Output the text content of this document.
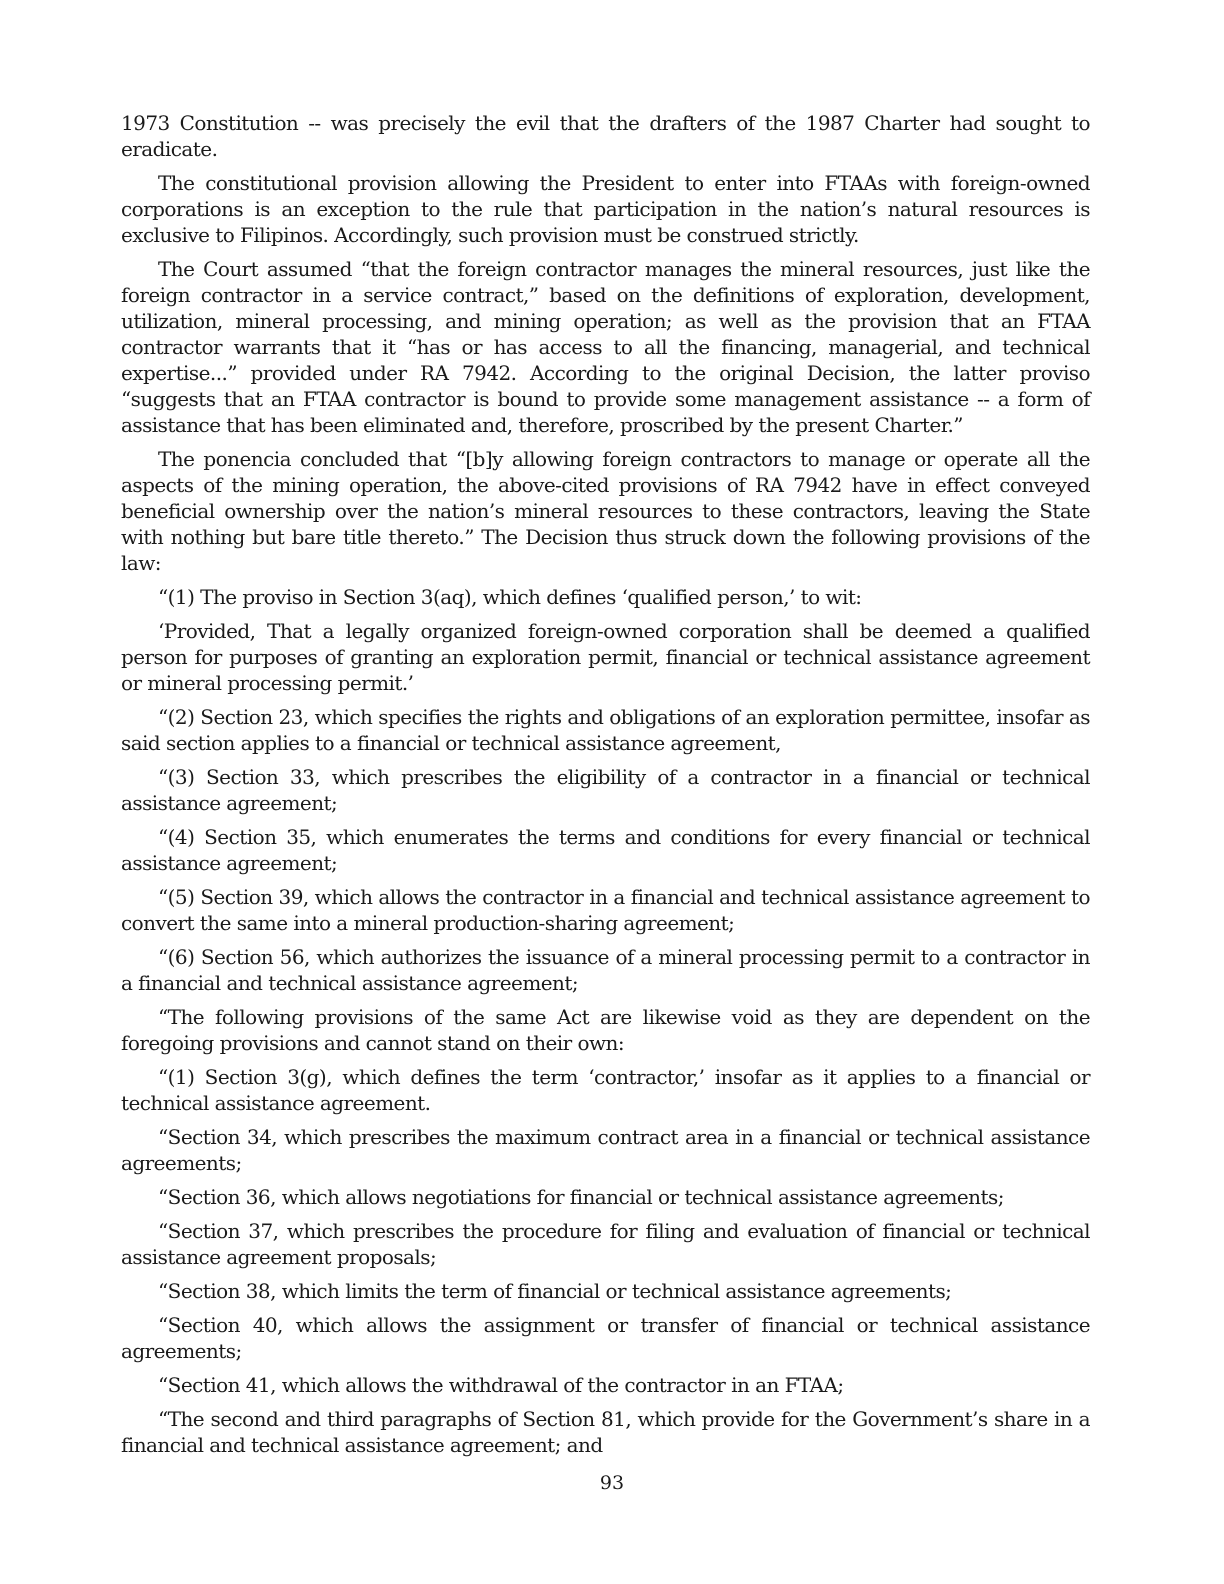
1973 Constitution -- was precisely the evil that the drafters of the 1987 Charter had sought to eradicate.

The constitutional provision allowing the President to enter into FTAAs with foreign-owned corporations is an exception to the rule that participation in the nation’s natural resources is exclusive to Filipinos. Accordingly, such provision must be construed strictly.

The Court assumed “that the foreign contractor manages the mineral resources, just like the foreign contractor in a service contract,” based on the definitions of exploration, development, utilization, mineral processing, and mining operation; as well as the provision that an FTAA contractor warrants that it “has or has access to all the financing, managerial, and technical expertise...” provided under RA 7942. According to the original Decision, the latter proviso “suggests that an FTAA contractor is bound to provide some management assistance -- a form of assistance that has been eliminated and, therefore, proscribed by the present Charter.”

The ponencia concluded that “[b]y allowing foreign contractors to manage or operate all the aspects of the mining operation, the above-cited provisions of RA 7942 have in effect conveyed beneficial ownership over the nation’s mineral resources to these contractors, leaving the State with nothing but bare title thereto.” The Decision thus struck down the following provisions of the law:

“(1) The proviso in Section 3(aq), which defines ‘qualified person,’ to wit:

‘Provided, That a legally organized foreign-owned corporation shall be deemed a qualified person for purposes of granting an exploration permit, financial or technical assistance agreement or mineral processing permit.’

“(2) Section 23, which specifies the rights and obligations of an exploration permittee, insofar as said section applies to a financial or technical assistance agreement,

“(3) Section 33, which prescribes the eligibility of a contractor in a financial or technical assistance agreement;

“(4) Section 35, which enumerates the terms and conditions for every financial or technical assistance agreement;

“(5) Section 39, which allows the contractor in a financial and technical assistance agreement to convert the same into a mineral production-sharing agreement;

“(6) Section 56, which authorizes the issuance of a mineral processing permit to a contractor in a financial and technical assistance agreement;

“The following provisions of the same Act are likewise void as they are dependent on the foregoing provisions and cannot stand on their own:

“(1) Section 3(g), which defines the term ‘contractor,’ insofar as it applies to a financial or technical assistance agreement.

“Section 34, which prescribes the maximum contract area in a financial or technical assistance agreements;

“Section 36, which allows negotiations for financial or technical assistance agreements;

“Section 37, which prescribes the procedure for filing and evaluation of financial or technical assistance agreement proposals;

“Section 38, which limits the term of financial or technical assistance agreements;

“Section 40, which allows the assignment or transfer of financial or technical assistance agreements;

“Section 41, which allows the withdrawal of the contractor in an FTAA;

“The second and third paragraphs of Section 81, which provide for the Government’s share in a financial and technical assistance agreement; and

93
